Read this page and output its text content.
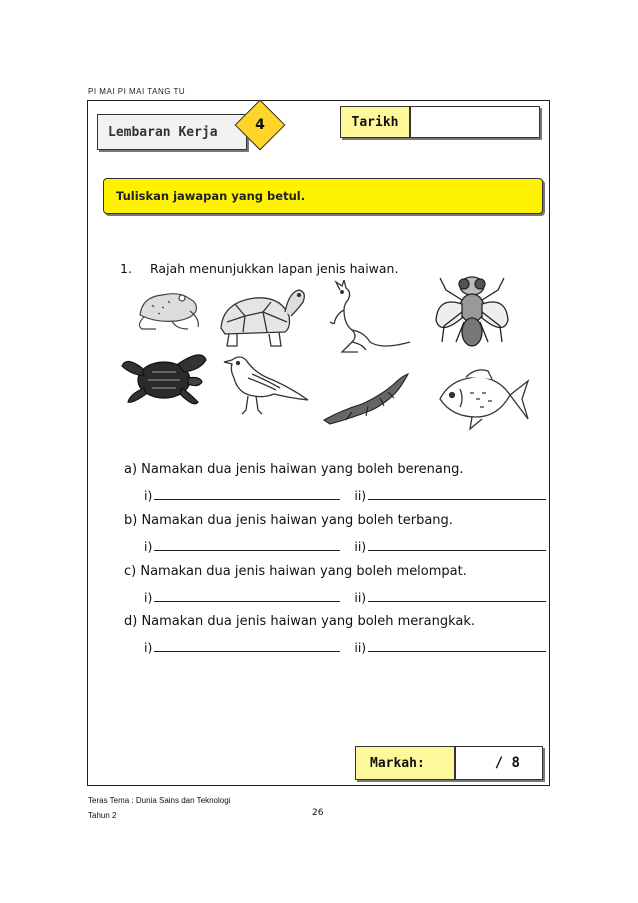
PI MAI PI MAI TANG TU
Lembaran Kerja	4	Tarikh
Tuliskan jawapan yang betul.
1. Rajah menunjukkan lapan jenis haiwan.
a) Namakan dua jenis haiwan yang boleh berenang.
i)	ii)
b) Namakan dua jenis haiwan yang boleh terbang.
i)	ii)
c) Namakan dua jenis haiwan yang boleh melompat.
i)	ii)
d) Namakan dua jenis haiwan yang boleh merangkak.
i)	ii)
Markah:	/ 8
Teras Tema : Dunia Sains dan Teknologi
Tahun 2	26
